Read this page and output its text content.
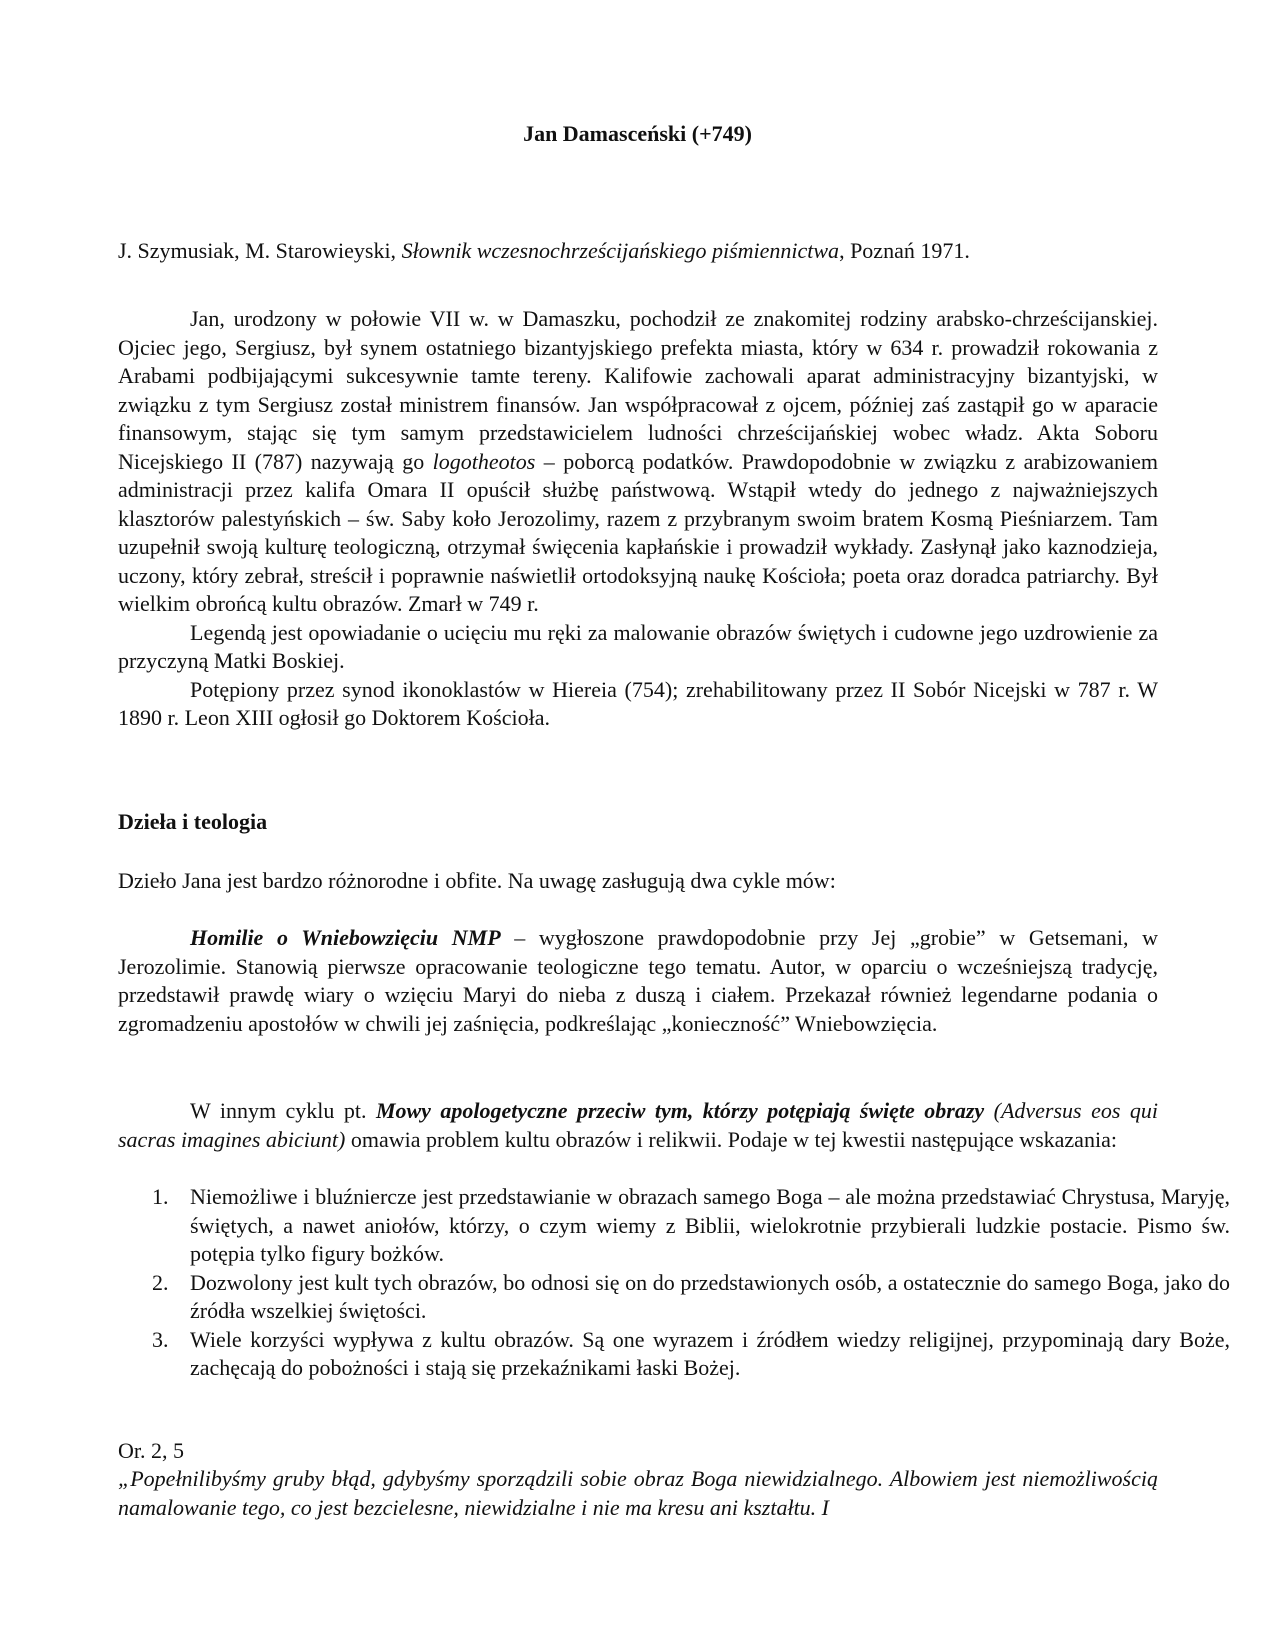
Jan Damasceński (+749)
J. Szymusiak, M. Starowieyski, Słownik wczesnochrześcijańskiego piśmiennictwa, Poznań 1971.

Jan, urodzony w połowie VII w. w Damaszku, pochodził ze znakomitej rodziny arabsko-chrześcijanskiej. Ojciec jego, Sergiusz, był synem ostatniego bizantyjskiego prefekta miasta, który w 634 r. prowadził rokowania z Arabami podbijającymi sukcesywnie tamte tereny. Kalifowie zachowali aparat administracyjny bizantyjski, w związku z tym Sergiusz został ministrem finansów. Jan współpracował z ojcem, później zaś zastąpił go w aparacie finansowym, stając się tym samym przedstawicielem ludności chrześcijańskiej wobec władz. Akta Soboru Nicejskiego II (787) nazywają go logotheotos – poborcą podatków. Prawdopodobnie w związku z arabizowaniem administracji przez kalifa Omara II opuścił służbę państwową. Wstąpił wtedy do jednego z najważniejszych klasztorów palestyńskich – św. Saby koło Jerozolimy, razem z przybranym swoim bratem Kosmą Pieśniarzem. Tam uzupełnił swoją kulturę teologiczną, otrzymał święcenia kapłańskie i prowadził wykłady. Zasłynął jako kaznodzieja, uczony, który zebrał, streścił i poprawnie naświetlił ortodoksyjną naukę Kościoła; poeta oraz doradca patriarchy. Był wielkim obrońcą kultu obrazów. Zmarł w 749 r.

Legendą jest opowiadanie o ucięciu mu ręki za malowanie obrazów świętych i cudowne jego uzdrowienie za przyczyną Matki Boskiej.

Potępiony przez synod ikonoklastów w Hiereia (754); zrehabilitowany przez II Sobór Nicejski w 787 r. W 1890 r. Leon XIII ogłosił go Doktorem Kościoła.

Dzieła i teologia
Dzieło Jana jest bardzo różnorodne i obfite. Na uwagę zasługują dwa cykle mów:

Homilie o Wniebowzięciu NMP – wygłoszone prawdopodobnie przy Jej „grobie” w Getsemani, w Jerozolimie. Stanowią pierwsze opracowanie teologiczne tego tematu. Autor, w oparciu o wcześniejszą tradycję, przedstawił prawdę wiary o wzięciu Maryi do nieba z duszą i ciałem. Przekazał również legendarne podania o zgromadzeniu apostołów w chwili jej zaśnięcia, podkreślając „konieczność” Wniebowzięcia.

W innym cyklu pt. Mowy apologetyczne przeciw tym, którzy potępiają święte obrazy (Adversus eos qui sacras imagines abiciunt) omawia problem kultu obrazów i relikwii. Podaje w tej kwestii następujące wskazania:

1. Niemożliwe i bluźniercze jest przedstawianie w obrazach samego Boga – ale można przedstawiać Chrystusa, Maryję, świętych, a nawet aniołów, którzy, o czym wiemy z Biblii, wielokrotnie przybierali ludzkie postacie. Pismo św. potępia tylko figury bożków.
2. Dozwolony jest kult tych obrazów, bo odnosi się on do przedstawionych osób, a ostatecznie do samego Boga, jako do źródła wszelkiej świętości.
3. Wiele korzyści wypływa z kultu obrazów. Są one wyrazem i źródłem wiedzy religijnej, przypominają dary Boże, zachęcają do pobożności i stają się przekaźnikami łaski Bożej.
Or. 2, 5
„Popełnilibyśmy gruby błąd, gdybyśmy sporządzili sobie obraz Boga niewidzialnego. Albowiem jest niemożliwością namalowanie tego, co jest bezcielesne, niewidzialne i nie ma kresu ani kształtu. I
